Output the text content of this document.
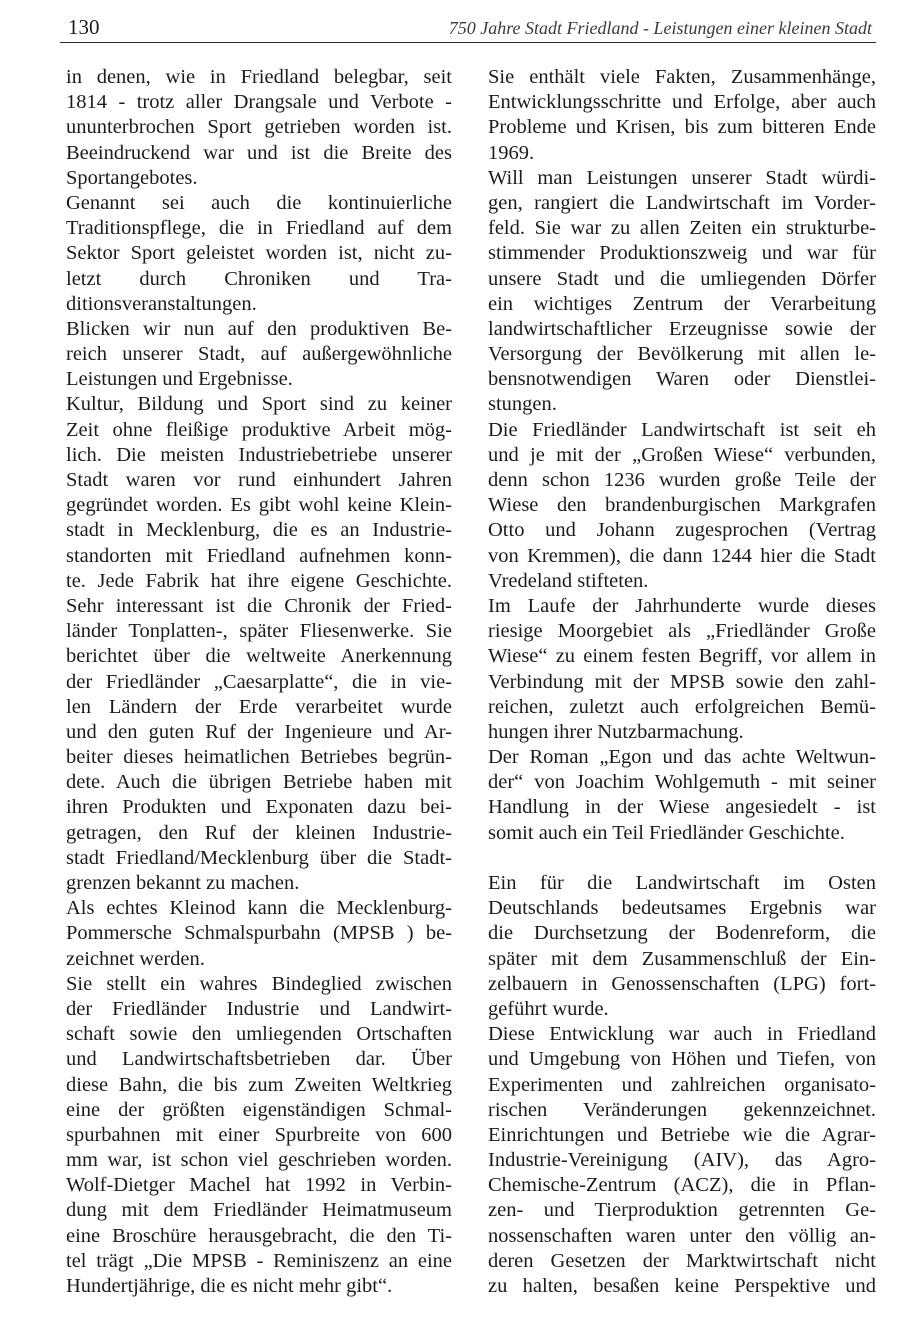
130	750 Jahre Stadt Friedland - Leistungen einer kleinen Stadt
in denen, wie in Friedland belegbar, seit
1814 - trotz aller Drangsale und Verbote -
ununterbrochen Sport getrieben worden ist.
Beeindruckend war und ist die Breite des
Sportangebotes.
Genannt sei auch die kontinuierliche
Traditionspflege, die in Friedland auf dem
Sektor Sport geleistet worden ist, nicht zu-
letzt durch Chroniken und Tra-
ditionsveranstaltungen.
Blicken wir nun auf den produktiven Be-
reich unserer Stadt, auf außergewöhnliche
Leistungen und Ergebnisse.
Kultur, Bildung und Sport sind zu keiner
Zeit ohne fleißige produktive Arbeit mög-
lich. Die meisten Industriebetriebe unserer
Stadt waren vor rund einhundert Jahren
gegründet worden. Es gibt wohl keine Klein-
stadt in Mecklenburg, die es an Industrie-
standorten mit Friedland aufnehmen konn-
te. Jede Fabrik hat ihre eigene Geschichte.
Sehr interessant ist die Chronik der Fried-
länder Tonplatten-, später Fliesenwerke. Sie
berichtet über die weltweite Anerkennung
der Friedländer „Caesarplatte“, die in vie-
len Ländern der Erde verarbeitet wurde
und den guten Ruf der Ingenieure und Ar-
beiter dieses heimatlichen Betriebes begrün-
dete. Auch die übrigen Betriebe haben mit
ihren Produkten und Exponaten dazu bei-
getragen, den Ruf der kleinen Industrie-
stadt Friedland/Mecklenburg über die Stadt-
grenzen bekannt zu machen.
Als echtes Kleinod kann die Mecklenburg-
Pommersche Schmalspurbahn (MPSB ) be-
zeichnet werden.
Sie stellt ein wahres Bindeglied zwischen
der Friedländer Industrie und Landwirt-
schaft sowie den umliegenden Ortschaften
und Landwirtschaftsbetrieben dar. Über
diese Bahn, die bis zum Zweiten Weltkrieg
eine der größten eigenständigen Schmal-
spurbahnen mit einer Spurbreite von 600
mm war, ist schon viel geschrieben worden.
Wolf-Dietger Machel hat 1992 in Verbin-
dung mit dem Friedländer Heimatmuseum
eine Broschüre herausgebracht, die den Ti-
tel trägt „Die MPSB - Reminiszenz an eine
Hundertjährige, die es nicht mehr gibt“.
Sie enthält viele Fakten, Zusammenhänge,
Entwicklungsschritte und Erfolge, aber auch
Probleme und Krisen, bis zum bitteren Ende
1969.
Will man Leistungen unserer Stadt würdi-
gen, rangiert die Landwirtschaft im Vorder-
feld. Sie war zu allen Zeiten ein strukturbe-
stimmender Produktionszweig und war für
unsere Stadt und die umliegenden Dörfer
ein wichtiges Zentrum der Verarbeitung
landwirtschaftlicher Erzeugnisse sowie der
Versorgung der Bevölkerung mit allen le-
bensnotwendigen Waren oder Dienstlei-
stungen.
Die Friedländer Landwirtschaft ist seit eh
und je mit der „Großen Wiese“ verbunden,
denn schon 1236 wurden große Teile der
Wiese den brandenburgischen Markgrafen
Otto und Johann zugesprochen (Vertrag
von Kremmen), die dann 1244 hier die Stadt
Vredeland stifteten.
Im Laufe der Jahrhunderte wurde dieses
riesige Moorgebiet als „Friedländer Große
Wiese“ zu einem festen Begriff, vor allem in
Verbindung mit der MPSB sowie den zahl-
reichen, zuletzt auch erfolgreichen Bemü-
hungen ihrer Nutzbarmachung.
Der Roman „Egon und das achte Weltwun-
der“ von Joachim Wohlgemuth - mit seiner
Handlung in der Wiese angesiedelt - ist
somit auch ein Teil Friedländer Geschichte.
Ein für die Landwirtschaft im Osten
Deutschlands bedeutsames Ergebnis war
die Durchsetzung der Bodenreform, die
später mit dem Zusammenschluß der Ein-
zelbauern in Genossenschaften (LPG) fort-
geführt wurde.
Diese Entwicklung war auch in Friedland
und Umgebung von Höhen und Tiefen, von
Experimenten und zahlreichen organisato-
rischen Veränderungen gekennzeichnet.
Einrichtungen und Betriebe wie die Agrar-
Industrie-Vereinigung (AIV), das Agro-
Chemische-Zentrum (ACZ), die in Pflan-
zen- und Tierproduktion getrennten Ge-
nossenschaften waren unter den völlig an-
deren Gesetzen der Marktwirtschaft nicht
zu halten, besaßen keine Perspektive und
